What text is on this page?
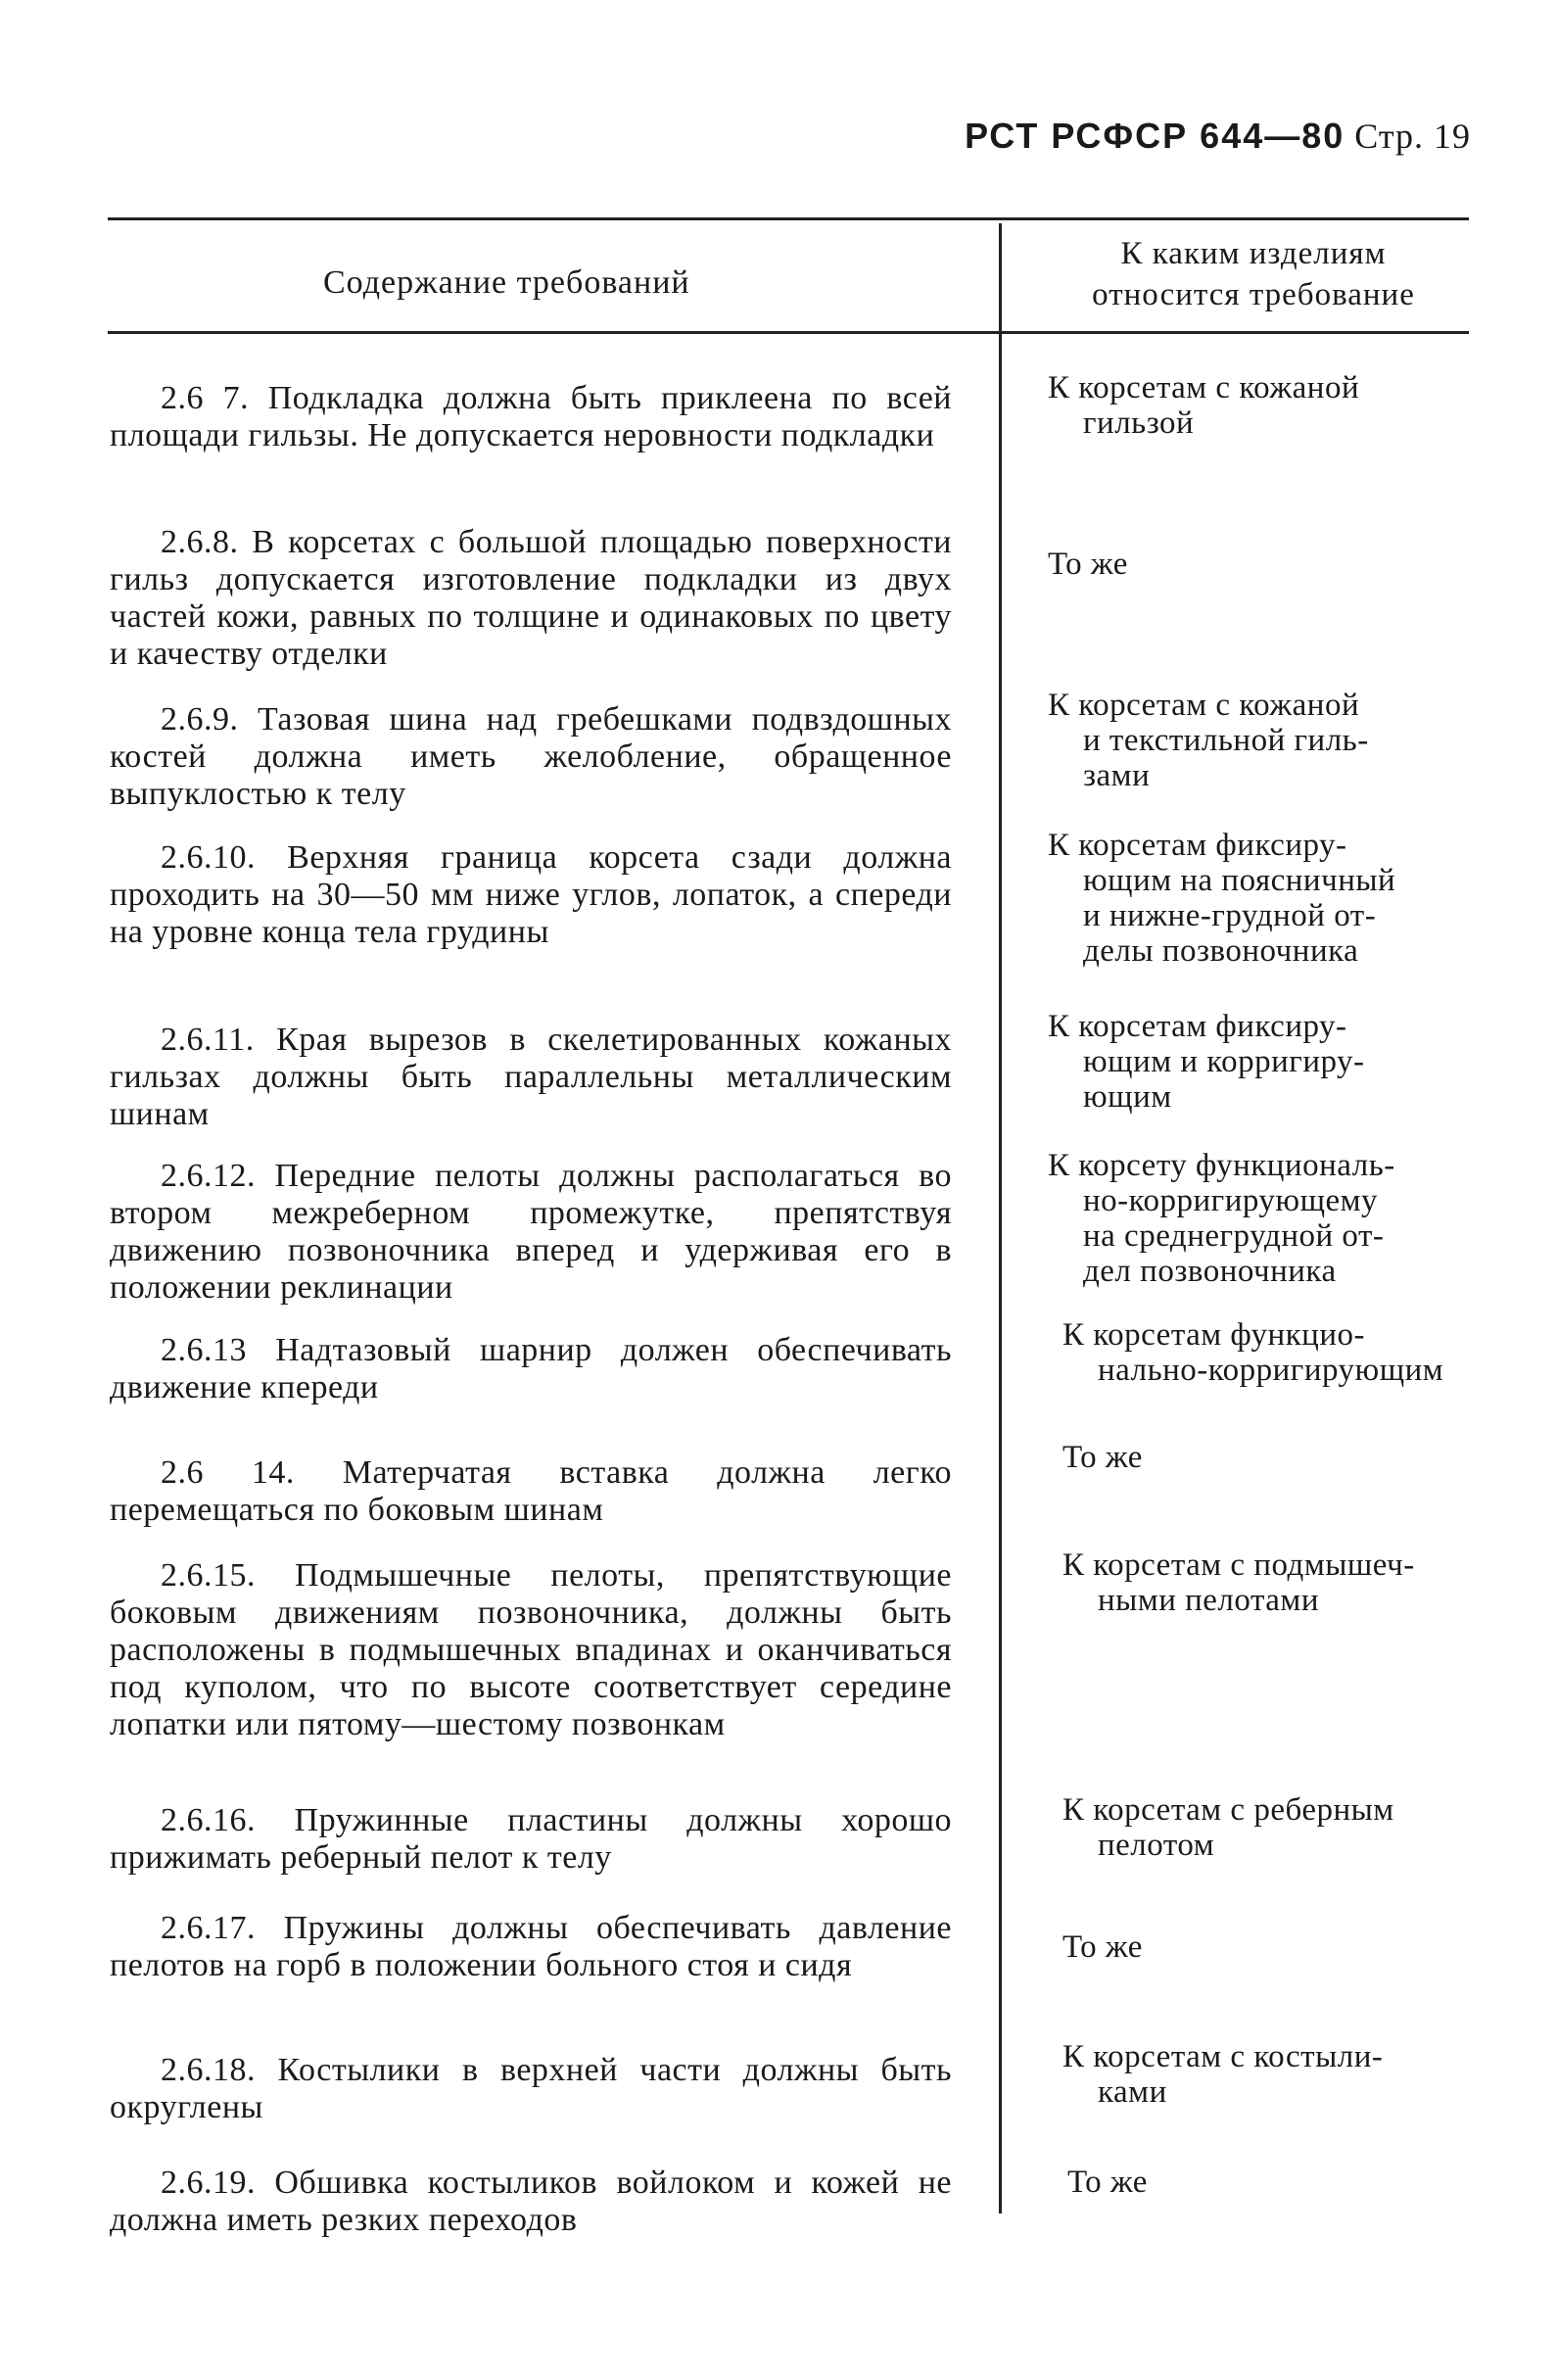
РСТ РСФСР 644—80 Стр. 19
Содержание требований
К каким изделиям
относится требование
2.6 7. Подкладка должна быть приклеена по всей площади гильзы. Не допускается неровности подкладки
К корсетам с кожаной
гильзой
2.6.8. В корсетах с большой площадью поверхности гильз допускается изготовление подкладки из двух частей кожи, равных по толщине и одинаковых по цвету и качеству отделки
То же
2.6.9. Тазовая шина над гребешками подвздошных костей должна иметь желобление, обращенное выпуклостью к телу
К корсетам с кожаной
и текстильной гиль-
зами
2.6.10. Верхняя граница корсета сзади должна проходить на 30—50 мм ниже углов, лопаток, а спереди на уровне конца тела грудины
К корсетам фиксиру-
ющим на поясничный
и нижне-грудной от-
делы позвоночника
2.6.11. Края вырезов в скелетированных кожаных гильзах должны быть параллельны металлическим шинам
К корсетам фиксиру-
ющим и корригиру-
ющим
2.6.12. Передние пелоты должны располагаться во втором межреберном промежутке, препятствуя движению позвоночника вперед и удерживая его в положении реклинации
К корсету функциональ-
но-корригирующему
на среднегрудной от-
дел позвоночника
2.6.13 Надтазовый шарнир должен обеспечивать движение кпереди
К корсетам функцио-
нально-корригирующим
2.6 14. Матерчатая вставка должна легко перемещаться по боковым шинам
То же
2.6.15. Подмышечные пелоты, препятствующие боковым движениям позвоночника, должны быть расположены в подмышечных впадинах и оканчиваться под куполом, что по высоте соответствует середине лопатки или пятому—шестому позвонкам
К корсетам с подмышеч-
ными пелотами
2.6.16. Пружинные пластины должны хорошо прижимать реберный пелот к телу
К корсетам с реберным
пелотом
2.6.17. Пружины должны обеспечивать давление пелотов на горб в положении больного стоя и сидя	То же
2.6.18. Костылики в верхней части должны быть округлены
К корсетам с костыли-
ками
2.6.19. Обшивка костыликов войлоком и кожей не должна иметь резких переходов
То же
